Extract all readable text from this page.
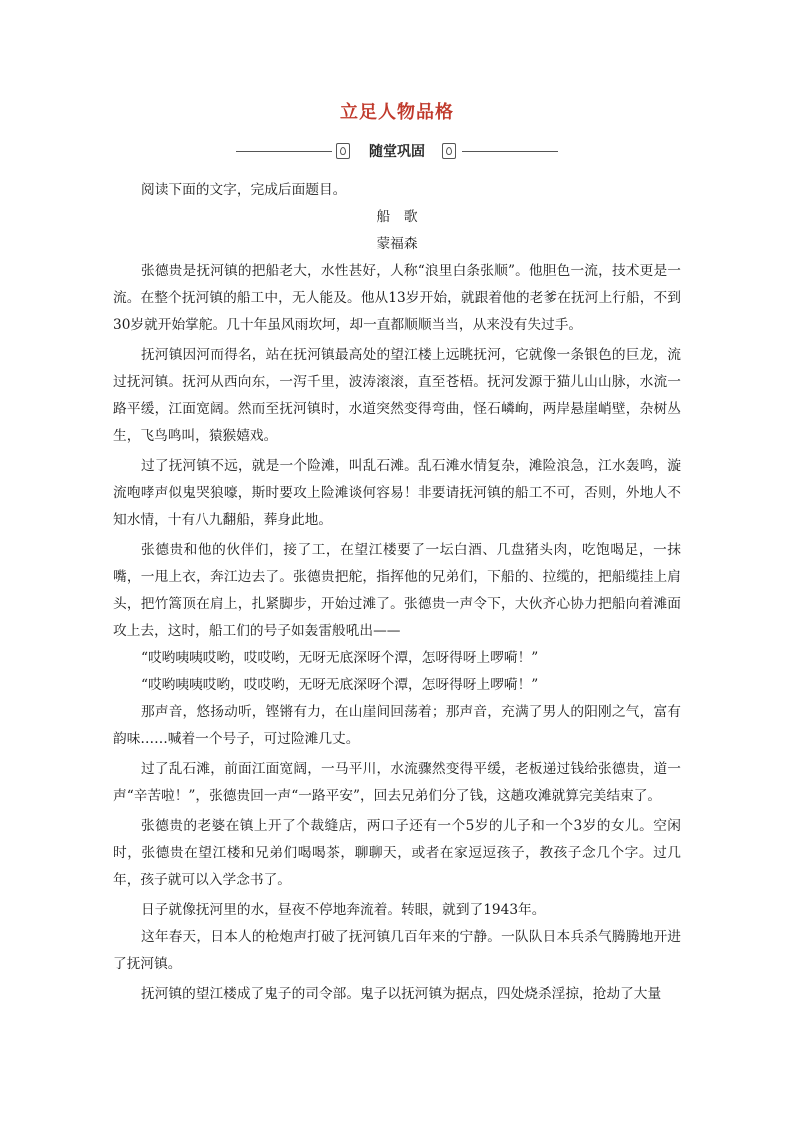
立足人物品格
随堂巩固

阅读下面的文字，完成后面题目。

船　歌

蒙福森

张德贵是抚河镇的把船老大，水性甚好，人称“浪里白条张顺”。他胆色一流，技术更是一流。在整个抚河镇的船工中，无人能及。他从13岁开始，就跟着他的老爹在抚河上行船，不到30岁就开始掌舵。几十年虽风雨坎坷，却一直都顺顺当当，从来没有失过手。

抚河镇因河而得名，站在抚河镇最高处的望江楼上远眺抚河，它就像一条银色的巨龙，流过抚河镇。抚河从西向东，一泻千里，波涛滚滚，直至苍梧。抚河发源于猫儿山山脉，水流一路平缓，江面宽阔。然而至抚河镇时，水道突然变得弯曲，怪石嶙峋，两岸悬崖峭壁，杂树丛生，飞鸟鸣叫，猿猴嬉戏。

过了抚河镇不远，就是一个险滩，叫乱石滩。乱石滩水情复杂，滩险浪急，江水轰鸣，漩流咆哮声似鬼哭狼嚎，斯时要攻上险滩谈何容易！非要请抚河镇的船工不可，否则，外地人不知水情，十有八九翻船，葬身此地。

张德贵和他的伙伴们，接了工，在望江楼要了一坛白酒、几盘猪头肉，吃饱喝足，一抹嘴，一甩上衣，奔江边去了。张德贵把舵，指挥他的兄弟们，下船的、拉缆的，把船缆挂上肩头，把竹篙顶在肩上，扎紧脚步，开始过滩了。张德贵一声令下，大伙齐心协力把船向着滩面攻上去，这时，船工们的号子如轰雷般吼出——

“哎哟咦咦哎哟，哎哎哟，无呀无底深呀个潭，怎呀得呀上啰嗬！”

“哎哟咦咦哎哟，哎哎哟，无呀无底深呀个潭，怎呀得呀上啰嗬！”

那声音，悠扬动听，铿锵有力，在山崖间回荡着；那声音，充满了男人的阳刚之气，富有韵味……喊着一个号子，可过险滩几丈。

过了乱石滩，前面江面宽阔，一马平川，水流骤然变得平缓，老板递过钱给张德贵，道一声“辛苦啦！”，张德贵回一声“一路平安”，回去兄弟们分了钱，这趟攻滩就算完美结束了。

张德贵的老婆在镇上开了个裁缝店，两口子还有一个5岁的儿子和一个3岁的女儿。空闲时，张德贵在望江楼和兄弟们喝喝茶，聊聊天，或者在家逗逗孩子，教孩子念几个字。过几年，孩子就可以入学念书了。

日子就像抚河里的水，昼夜不停地奔流着。转眼，就到了1943年。

这年春天，日本人的枪炮声打破了抚河镇几百年来的宁静。一队队日本兵杀气腾腾地开进了抚河镇。

抚河镇的望江楼成了鬼子的司令部。鬼子以抚河镇为据点，四处烧杀淫掠，抢劫了大量
